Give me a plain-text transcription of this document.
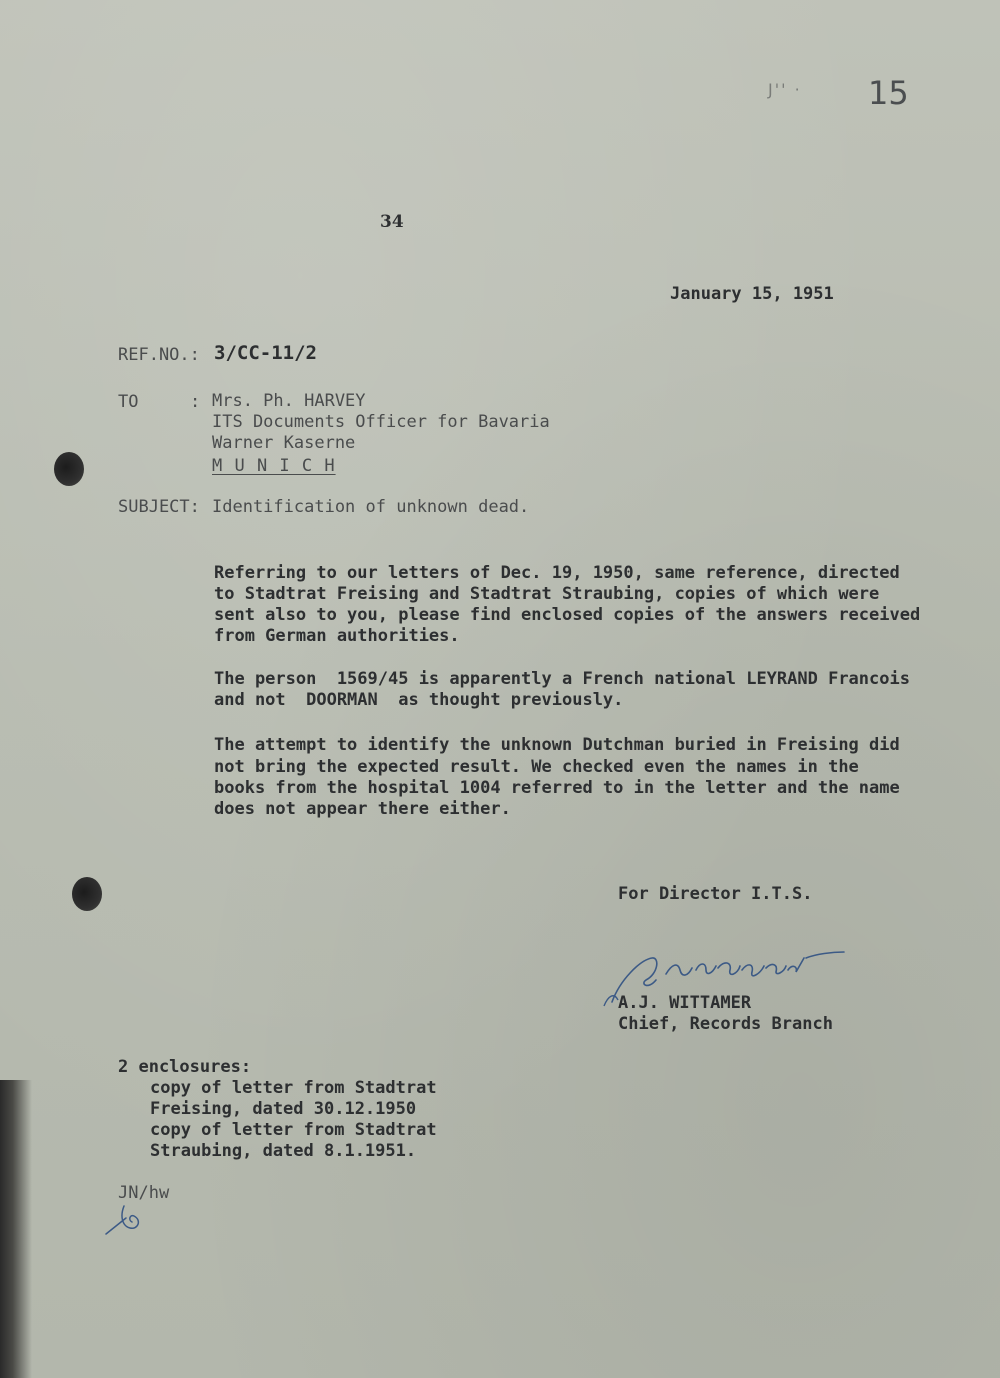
J'' · 15
34
January 15, 1951
REF.NO.: 3/CC-11/2
TO	: Mrs. Ph. HARVEY
ITS Documents Officer for Bavaria
Warner Kaserne
M U N I C H
SUBJECT: Identification of unknown dead.
Referring to our letters of Dec. 19, 1950, same reference, directed
to Stadtrat Freising and Stadtrat Straubing, copies of which were
sent also to you, please find enclosed copies of the answers received
from German authorities.
The person  1569/45 is apparently a French national LEYRAND Francois
and not  DOORMAN  as thought previously.
The attempt to identify the unknown Dutchman buried in Freising did
not bring the expected result. We checked even the names in the
books from the hospital 1004 referred to in the letter and the name
does not appear there either.
For Director I.T.S.
A.J. WITTAMER
Chief, Records Branch
2 enclosures:
copy of letter from Stadtrat
Freising, dated 30.12.1950
copy of letter from Stadtrat
Straubing, dated 8.1.1951.
JN/hw
